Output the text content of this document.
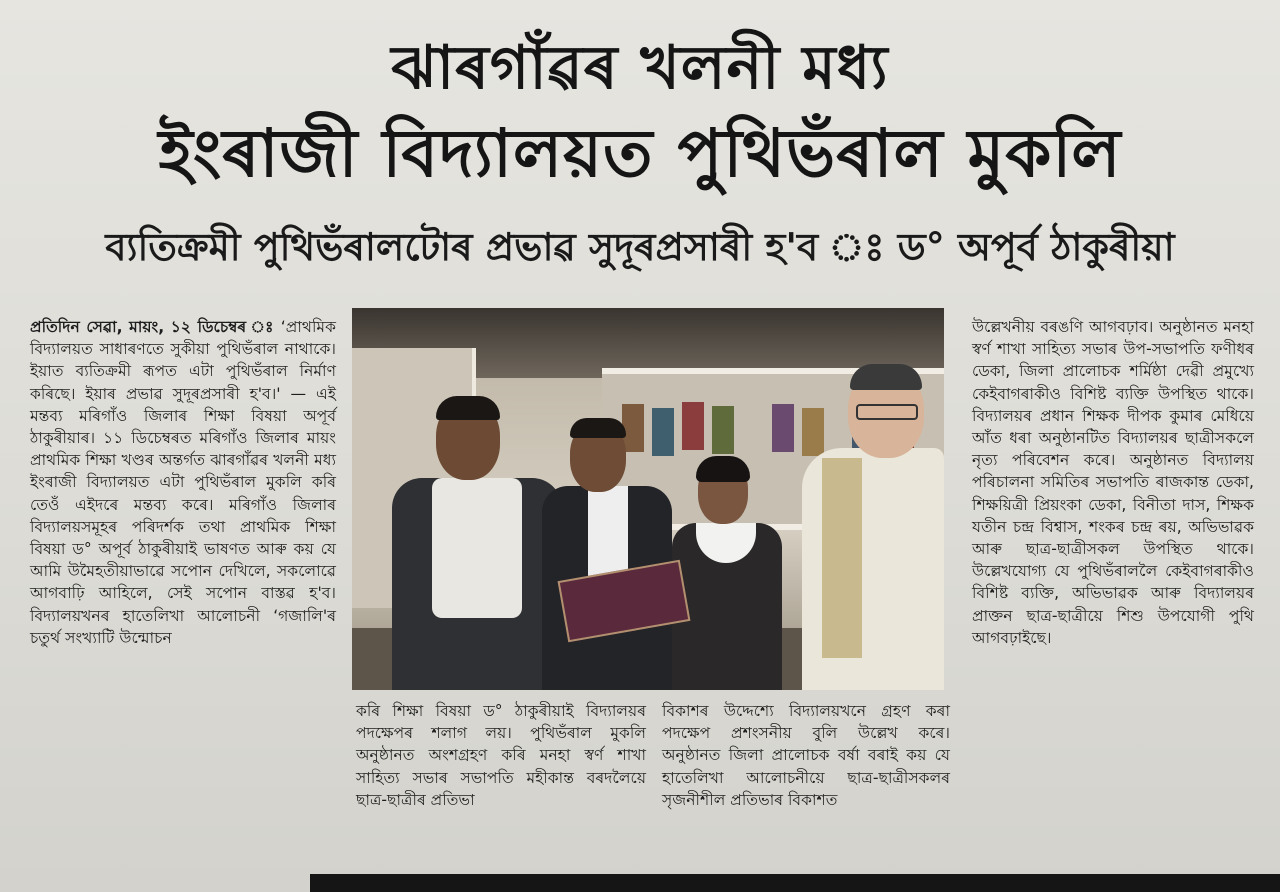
ঝাৰগাঁৱৰ খলনী মধ্য
ইংৰাজী বিদ্যালয়ত পুথিভঁৰাল মুকলি
ব্যতিক্ৰমী পুথিভঁৰালটোৰ প্ৰভাৱ সুদূৰপ্ৰসাৰী হ'ব ঃ ড° অপূৰ্ব ঠাকুৰীয়া

প্ৰতিদিন সেৱা, মায়ং, ১২ ডিচেম্বৰ ঃ ‘প্ৰাথমিক বিদ্যালয়ত সাধাৰণতে সুকীয়া পুথিভঁৰাল নাথাকে। ইয়াত ব্যতিক্ৰমী ৰূপত এটা পুথিভঁৰাল নিৰ্মাণ কৰিছে। ইয়াৰ প্ৰভাৱ সুদূৰপ্ৰসাৰী হ'ব।' — এই মন্তব্য মৰিগাঁও জিলাৰ শিক্ষা বিষয়া অপূৰ্ব ঠাকুৰীয়াৰ। ১১ ডিচেম্বৰত মৰিগাঁও জিলাৰ মায়ং প্ৰাথমিক শিক্ষা খণ্ডৰ অন্তৰ্গত ঝাৰগাঁৱৰ খলনী মধ্য ইংৰাজী বিদ্যালয়ত এটা পুথিভঁৰাল মুকলি কৰি তেওঁ এইদৰে মন্তব্য কৰে। মৰিগাঁও জিলাৰ বিদ্যালয়সমূহৰ পৰিদৰ্শক তথা প্ৰাথমিক শিক্ষা বিষয়া ড° অপূৰ্ব ঠাকুৰীয়াই ভাষণত আৰু কয় যে আমি উমৈহতীয়াভাৱে সপোন দেখিলে, সকলোৱে আগবাঢ়ি আহিলে, সেই সপোন বাস্তৱ হ'ব। বিদ্যালয়খনৰ হাতেলিখা আলোচনী ‘গজালি'ৰ চতুৰ্থ সংখ্যাটি উন্মোচন

কৰি শিক্ষা বিষয়া ড° ঠাকুৰীয়াই বিদ্যালয়ৰ পদক্ষেপৰ শলাগ লয়। পুথিভঁৰাল মুকলি অনুষ্ঠানত অংশগ্ৰহণ কৰি মনহা স্বৰ্ণ শাখা সাহিত্য সভাৰ সভাপতি মহীকান্ত বৰদলৈয়ে ছাত্ৰ-ছাত্ৰীৰ প্ৰতিভা

বিকাশৰ উদ্দেশ্যে বিদ্যালয়খনে গ্ৰহণ কৰা পদক্ষেপ প্ৰশংসনীয় বুলি উল্লেখ কৰে। অনুষ্ঠানত জিলা প্ৰালোচক বৰ্ষা বৰাই কয় যে হাতেলিখা আলোচনীয়ে ছাত্ৰ-ছাত্ৰীসকলৰ সৃজনীশীল প্ৰতিভাৰ বিকাশত

উল্লেখনীয় বৰঙণি আগবঢ়াব। অনুষ্ঠানত মনহা স্বৰ্ণ শাখা সাহিত্য সভাৰ উপ-সভাপতি ফণীধৰ ডেকা, জিলা প্ৰালোচক শৰ্মিষ্ঠা দেৱী প্ৰমুখ্যে কেইবাগৰাকীও বিশিষ্ট ব্যক্তি উপস্থিত থাকে। বিদ্যালয়ৰ প্ৰধান শিক্ষক দীপক কুমাৰ মেধিয়ে আঁত ধৰা অনুষ্ঠানটিত বিদ্যালয়ৰ ছাত্ৰীসকলে নৃত্য পৰিবেশন কৰে। অনুষ্ঠানত বিদ্যালয় পৰিচালনা সমিতিৰ সভাপতি ৰাজকান্ত ডেকা, শিক্ষয়িত্ৰী প্ৰিয়ংকা ডেকা, বিনীতা দাস, শিক্ষক যতীন চন্দ্ৰ বিশ্বাস, শংকৰ চন্দ্ৰ ৰয়, অভিভাৱক আৰু ছাত্ৰ-ছাত্ৰীসকল উপস্থিত থাকে। উল্লেখযোগ্য যে পুথিভঁৰাললৈ কেইবাগৰাকীও বিশিষ্ট ব্যক্তি, অভিভাৱক আৰু বিদ্যালয়ৰ প্ৰাক্তন ছাত্ৰ-ছাত্ৰীয়ে শিশু উপযোগী পুথি আগবঢ়াইছে।
